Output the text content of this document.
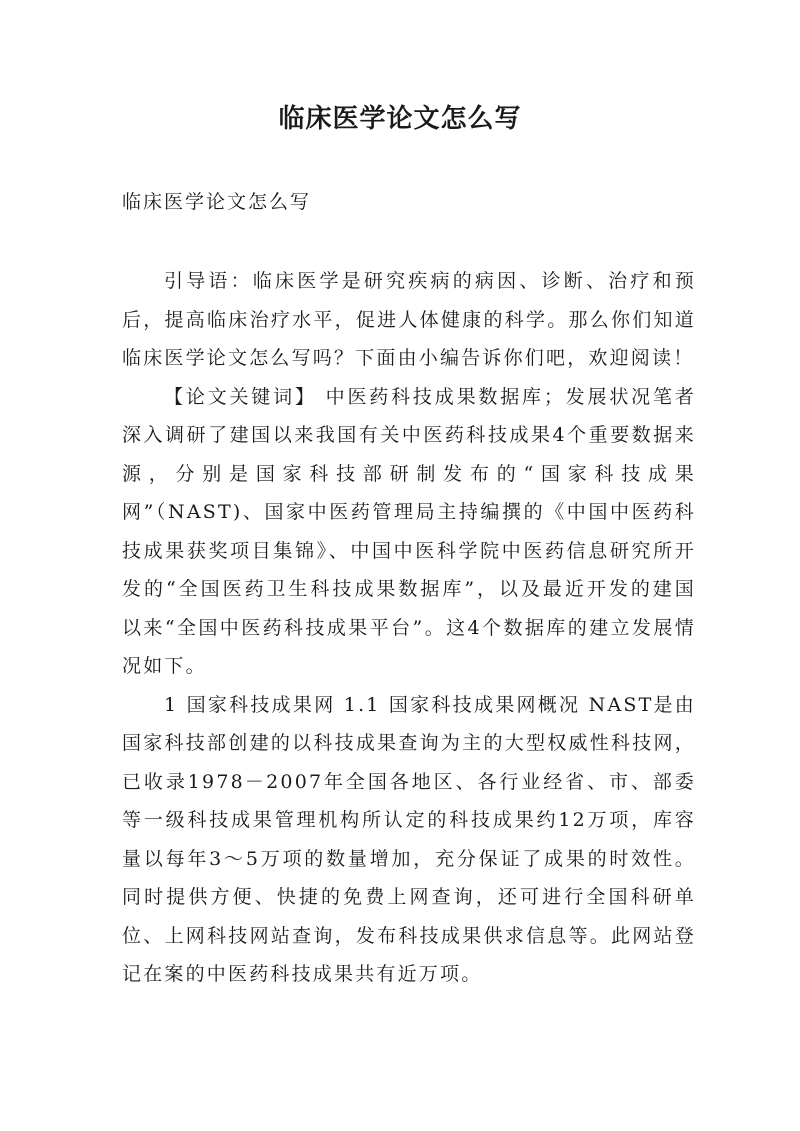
临床医学论文怎么写
临床医学论文怎么写

引导语：临床医学是研究疾病的病因、诊断、治疗和预后，提高临床治疗水平，促进人体健康的科学。那么你们知道临床医学论文怎么写吗？下面由小编告诉你们吧，欢迎阅读！

【论文关键词】 中医药科技成果数据库；发展状况笔者深入调研了建国以来我国有关中医药科技成果4个重要数据来源，分别是国家科技部研制发布的“国家科技成果网”（NAST)、国家中医药管理局主持编撰的《中国中医药科技成果获奖项目集锦》、中国中医科学院中医药信息研究所开发的“全国医药卫生科技成果数据库”，以及最近开发的建国以来“全国中医药科技成果平台”。这4个数据库的建立发展情况如下。

1 国家科技成果网 1.1 国家科技成果网概况 NAST是由国家科技部创建的以科技成果查询为主的大型权威性科技网，已收录1978－2007年全国各地区、各行业经省、市、部委等一级科技成果管理机构所认定的科技成果约12万项，库容量以每年3～5万项的数量增加，充分保证了成果的时效性。同时提供方便、快捷的免费上网查询，还可进行全国科研单位、上网科技网站查询，发布科技成果供求信息等。此网站登记在案的中医药科技成果共有近万项。
